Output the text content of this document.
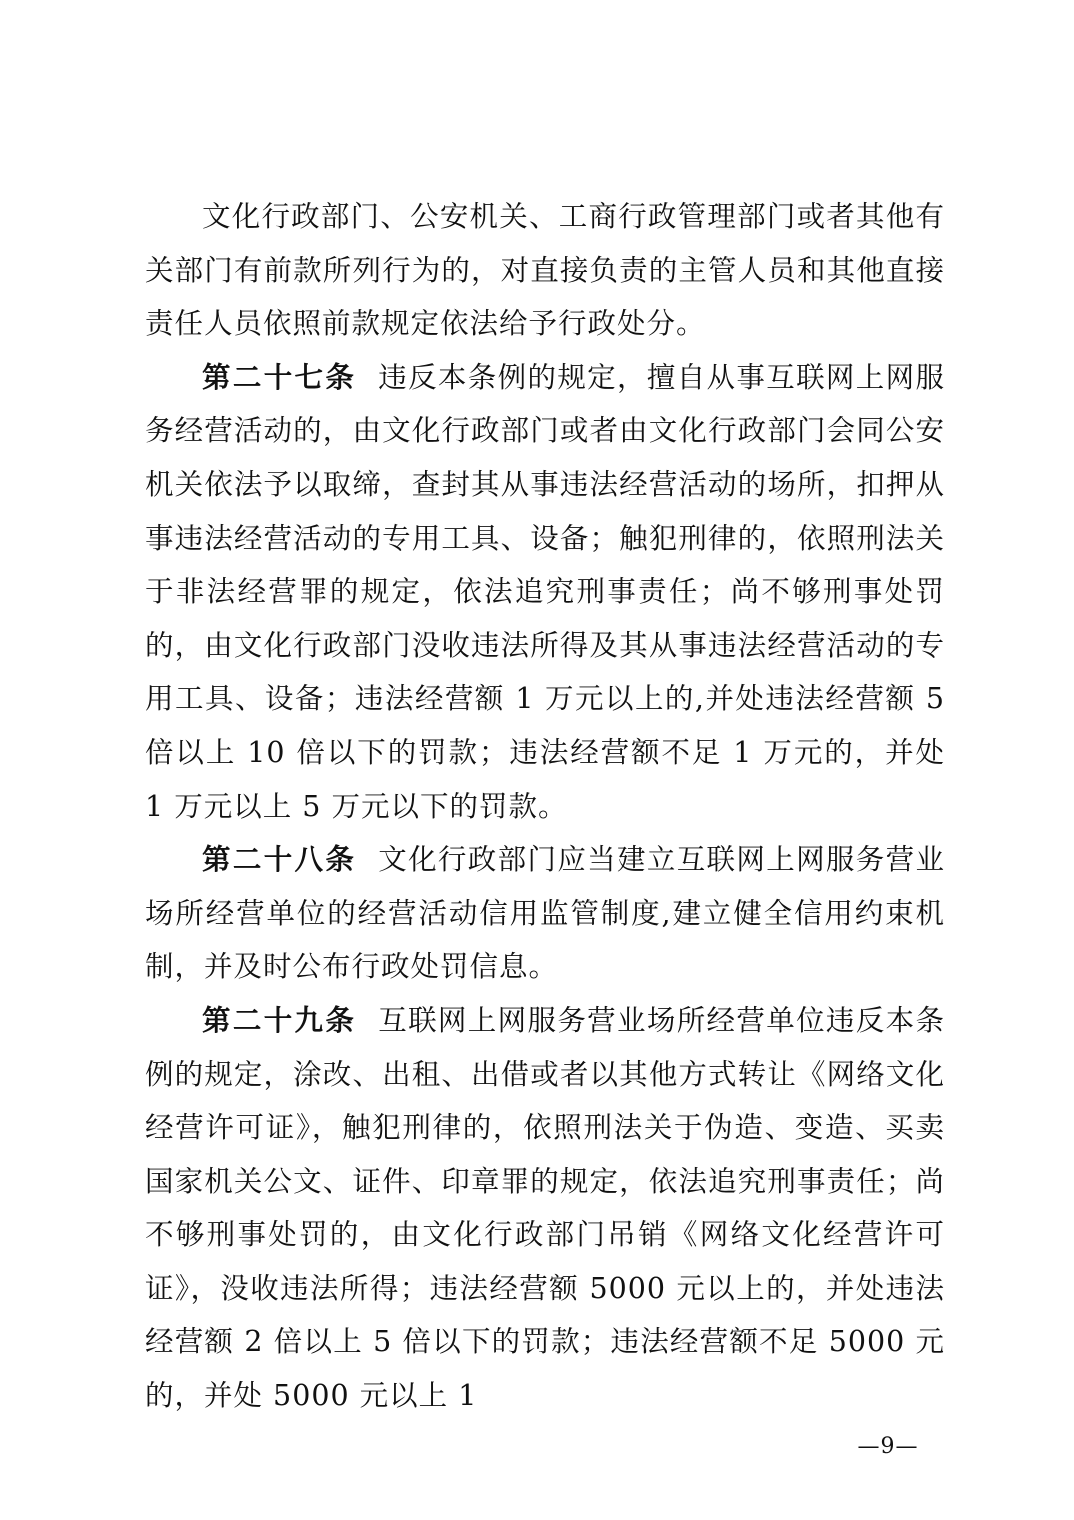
文化行政部门、公安机关、工商行政管理部门或者其他有关部门有前款所列行为的，对直接负责的主管人员和其他直接责任人员依照前款规定依法给予行政处分。

第二十七条 违反本条例的规定，擅自从事互联网上网服务经营活动的，由文化行政部门或者由文化行政部门会同公安机关依法予以取缔，查封其从事违法经营活动的场所，扣押从事违法经营活动的专用工具、设备；触犯刑律的，依照刑法关于非法经营罪的规定，依法追究刑事责任；尚不够刑事处罚的，由文化行政部门没收违法所得及其从事违法经营活动的专用工具、设备；违法经营额 1 万元以上的,并处违法经营额 5 倍以上 10 倍以下的罚款；违法经营额不足 1 万元的，并处 1 万元以上 5 万元以下的罚款。

第二十八条 文化行政部门应当建立互联网上网服务营业场所经营单位的经营活动信用监管制度,建立健全信用约束机制，并及时公布行政处罚信息。

第二十九条 互联网上网服务营业场所经营单位违反本条例的规定，涂改、出租、出借或者以其他方式转让《网络文化经营许可证》，触犯刑律的，依照刑法关于伪造、变造、买卖国家机关公文、证件、印章罪的规定，依法追究刑事责任；尚不够刑事处罚的，由文化行政部门吊销《网络文化经营许可证》，没收违法所得；违法经营额 5000 元以上的，并处违法经营额 2 倍以上 5 倍以下的罚款；违法经营额不足 5000 元的，并处 5000 元以上 1

—9—
